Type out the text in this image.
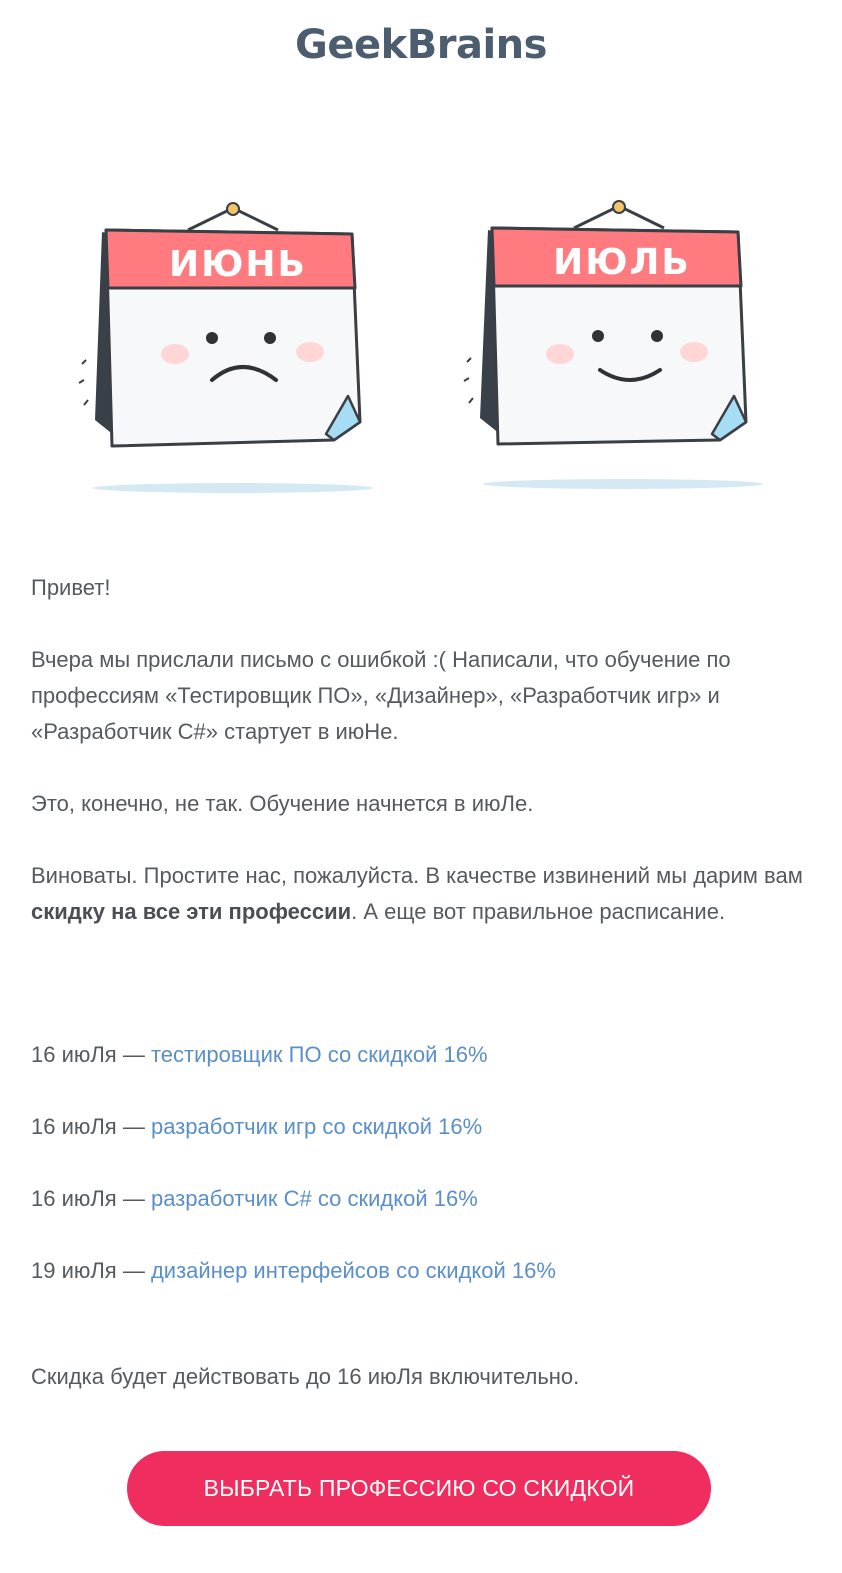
GeekBrains
ИЮНЬ	ИЮЛЬ

Привет!

Вчера мы прислали письмо с ошибкой :( Написали, что обучение по профессиям «Тестировщик ПО», «Дизайнер», «Разработчик игр» и «Разработчик C#» стартует в июНе.

Это, конечно, не так. Обучение начнется в июЛе.

Виноваты. Простите нас, пожалуйста. В качестве извинений мы дарим вам скидку на все эти профессии. А еще вот правильное расписание.

16 июЛя — тестировщик ПО со скидкой 16%

16 июЛя — разработчик игр со скидкой 16%

16 июЛя — разработчик C# со скидкой 16%

19 июЛя — дизайнер интерфейсов со скидкой 16%

Скидка будет действовать до 16 июЛя включительно.

ВЫБРАТЬ ПРОФЕССИЮ СО СКИДКОЙ
